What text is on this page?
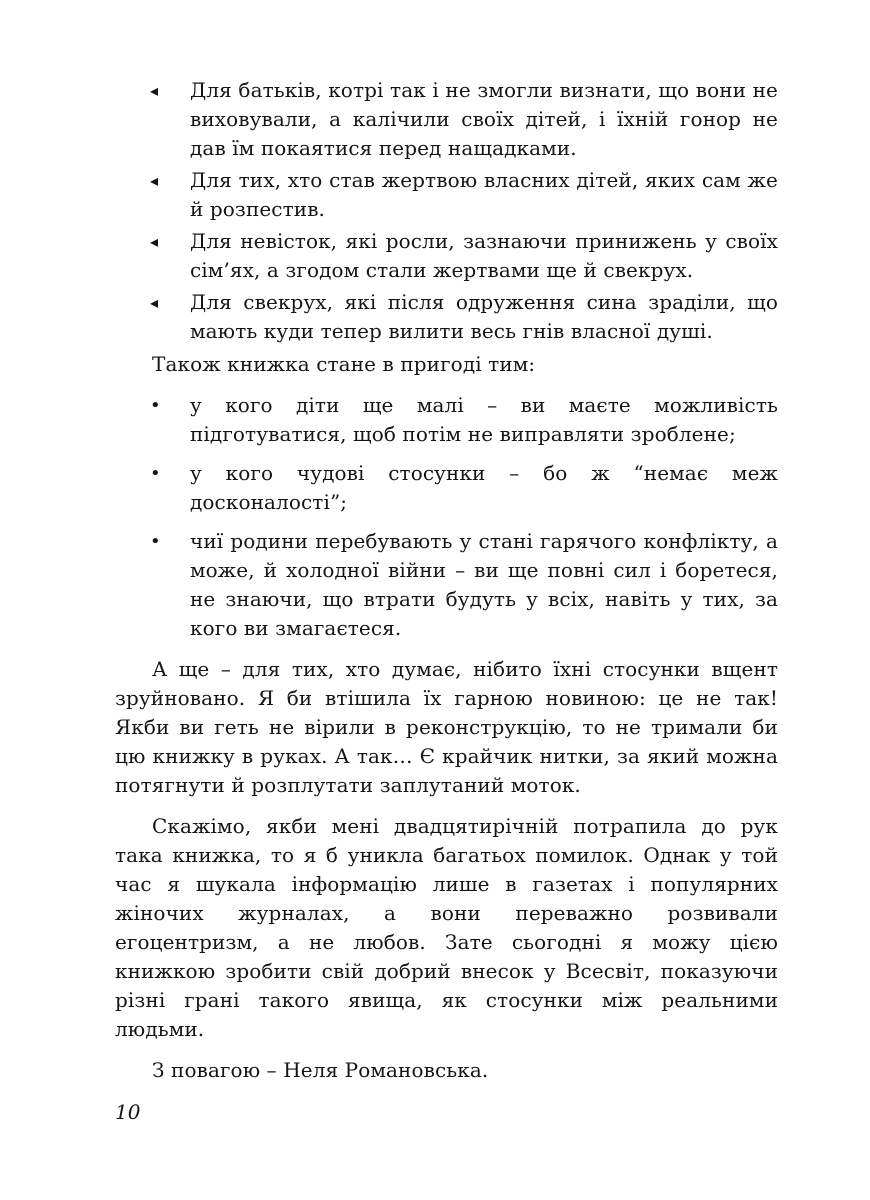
◂	Для батьків, котрі так і не змогли визнати, що вони не виховували, а калічили своїх дітей, і їхній гонор не дав їм покаятися перед нащадками.
◂	Для тих, хто став жертвою власних дітей, яких сам же й розпестив.
◂	Для невісток, які росли, зазнаючи принижень у своїх сім’ях, а згодом стали жертвами ще й свекрух.
◂	Для свекрух, які після одруження сина зраділи, що мають куди тепер вилити весь гнів власної душі.

Також книжка стане в пригоді тим:

•	у кого діти ще малі – ви маєте можливість підготуватися, щоб потім не виправляти зроблене;
•	у кого чудові стосунки – бо ж “немає меж досконалості”;
•	чиї родини перебувають у стані гарячого конфлікту, а може, й холодної війни – ви ще повні сил і боретеся, не знаючи, що втрати будуть у всіх, навіть у тих, за кого ви змагаєтеся.

А ще – для тих, хто думає, нібито їхні стосунки вщент зруйновано. Я би втішила їх гарною новиною: це не так! Якби ви геть не вірили в реконструкцію, то не тримали би цю книжку в руках. А так… Є крайчик нитки, за який можна потягнути й розплутати заплутаний моток.

Скажімо, якби мені двадцятирічній потрапила до рук така книжка, то я б уникла багатьох помилок. Однак у той час я шукала інформацію лише в газетах і популярних жіночих журналах, а вони переважно розвивали егоцентризм, а не любов. Зате сьогодні я можу цією книжкою зробити свій добрий внесок у Всесвіт, показуючи різні грані такого явища, як стосунки між реальними людьми.

З повагою – Неля Романовська.

10
